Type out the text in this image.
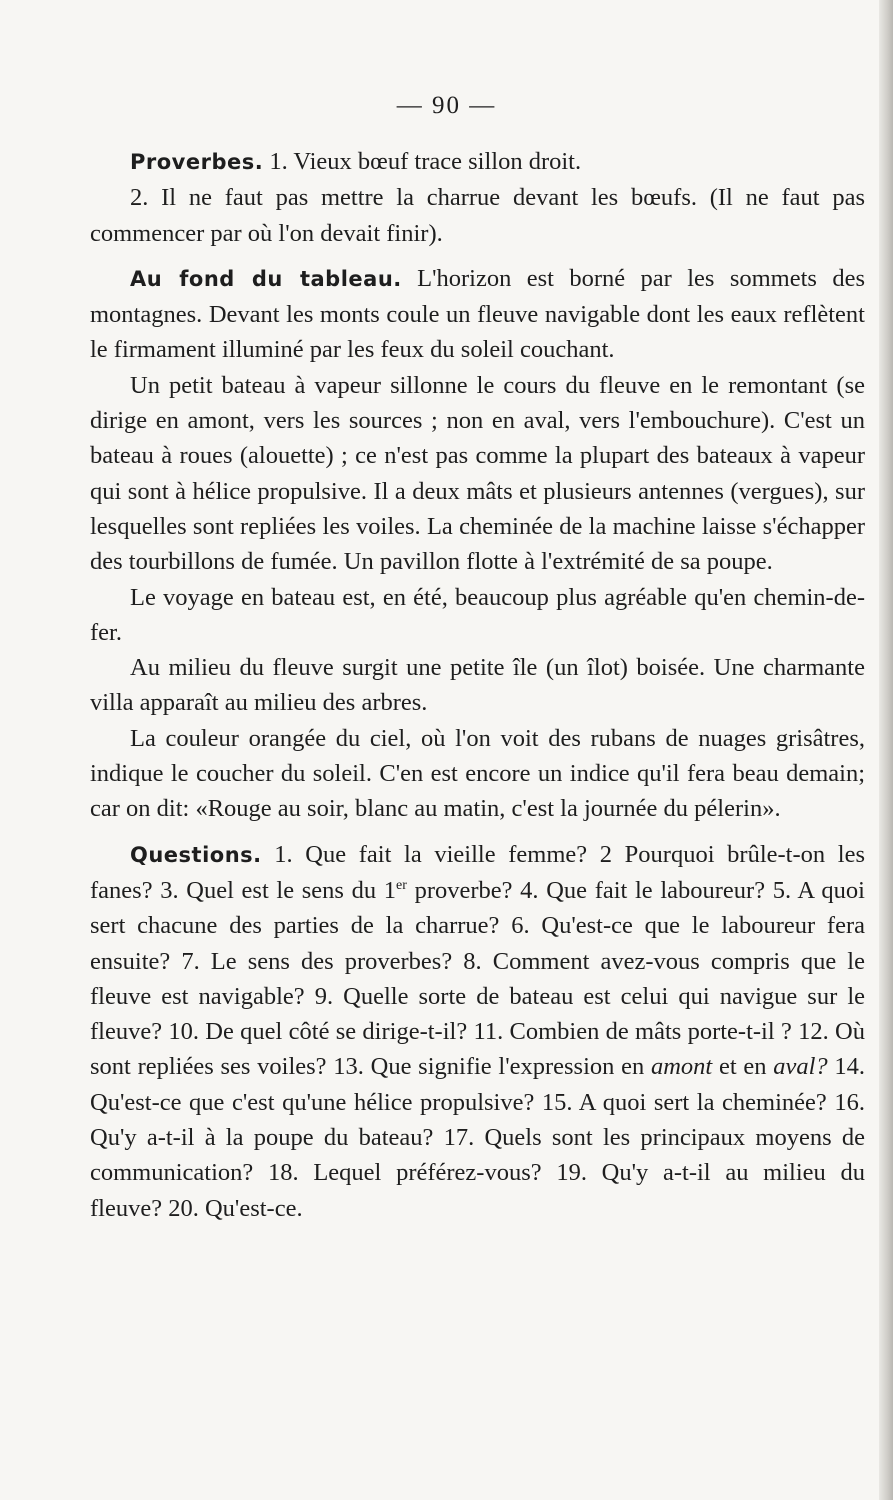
— 90 —

Proverbes. 1. Vieux bœuf trace sillon droit.

2. Il ne faut pas mettre la charrue devant les bœufs. (Il ne faut pas commencer par où l'on devait finir).

Au fond du tableau. L'horizon est borné par les sommets des montagnes. Devant les monts coule un fleuve navigable dont les eaux reflètent le firmament illuminé par les feux du soleil couchant.

Un petit bateau à vapeur sillonne le cours du fleuve en le remontant (se dirige en amont, vers les sources ; non en aval, vers l'embouchure). C'est un bateau à roues (alouette) ; ce n'est pas comme la plupart des bateaux à vapeur qui sont à hélice propulsive. Il a deux mâts et plusieurs antennes (vergues), sur lesquelles sont repliées les voiles. La cheminée de la machine laisse s'échapper des tourbillons de fumée. Un pavillon flotte à l'extrémité de sa poupe.

Le voyage en bateau est, en été, beaucoup plus agréable qu'en chemin-de-fer.

Au milieu du fleuve surgit une petite île (un îlot) boisée. Une charmante villa apparaît au milieu des arbres.

La couleur orangée du ciel, où l'on voit des rubans de nuages grisâtres, indique le coucher du soleil. C'en est encore un indice qu'il fera beau demain; car on dit: «Rouge au soir, blanc au matin, c'est la journée du pélerin».

Questions. 1. Que fait la vieille femme? 2 Pourquoi brûle-t-on les fanes? 3. Quel est le sens du 1er proverbe? 4. Que fait le laboureur? 5. A quoi sert chacune des parties de la charrue? 6. Qu'est-ce que le laboureur fera ensuite? 7. Le sens des proverbes? 8. Comment avez-vous compris que le fleuve est navigable? 9. Quelle sorte de bateau est celui qui navigue sur le fleuve? 10. De quel côté se dirige-t-il? 11. Combien de mâts porte-t-il ? 12. Où sont repliées ses voiles? 13. Que signifie l'expression en amont et en aval? 14. Qu'est-ce que c'est qu'une hélice propulsive? 15. A quoi sert la cheminée? 16. Qu'y a-t-il à la poupe du bateau? 17. Quels sont les principaux moyens de communication? 18. Lequel préférez-vous? 19. Qu'y a-t-il au milieu du fleuve? 20. Qu'est-ce.
